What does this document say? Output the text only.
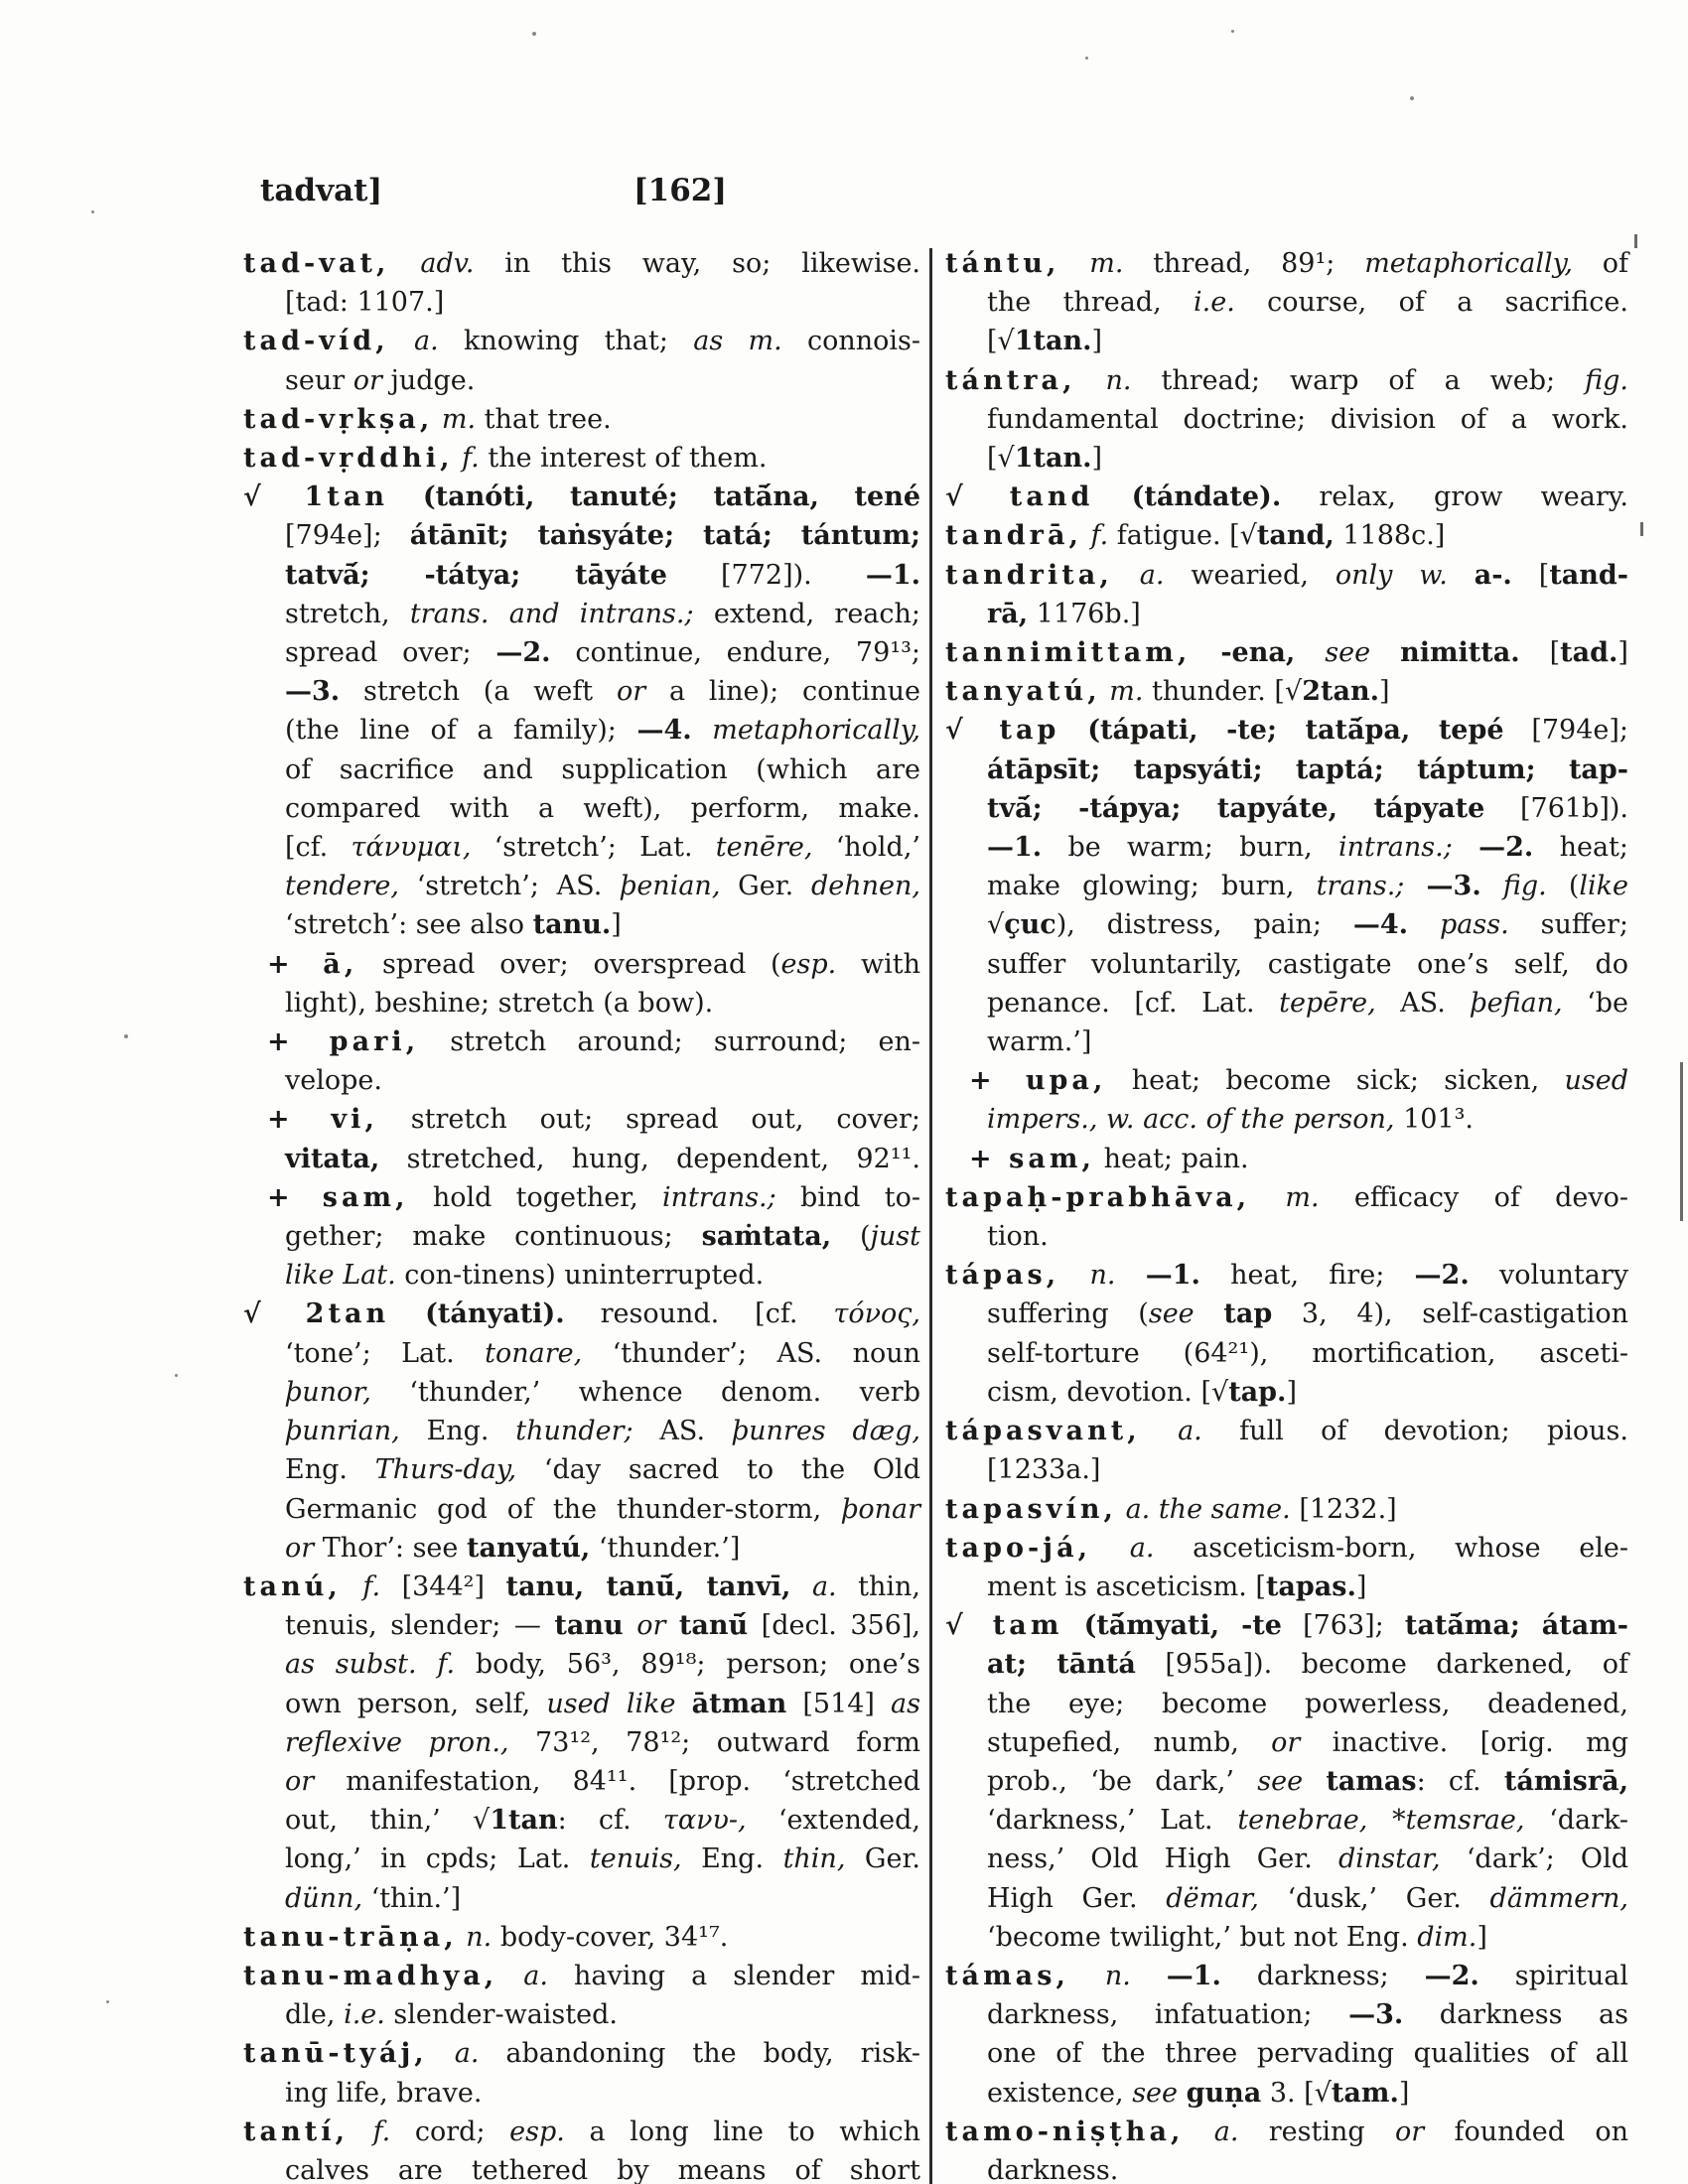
tadvat]	[162]
tad-vat, adv. in this way, so; likewise.
[tad: 1107.]
tad-víd, a. knowing that; as m. connois-
seur or judge.
tad-vṛkṣa, m. that tree.
tad-vṛddhi, f. the interest of them.
√ 1tan (tanóti, tanuté; tatā́na, tené
[794e]; átānīt; taṅsyáte; tatá; tántum;
tatvā́; -tátya; tāyáte [772]). —1.
stretch, trans. and intrans.; extend, reach;
spread over; —2. continue, endure, 79¹³;
—3. stretch (a weft or a line); continue
(the line of a family); —4. metaphorically,
of sacrifice and supplication (which are
compared with a weft), perform, make.
[cf. τάνυμαι, ‘stretch’; Lat. tenēre, ‘hold,’
tendere, ‘stretch’; AS. þenian, Ger. dehnen,
‘stretch’: see also tanu.]
+ ā, spread over; overspread (esp. with
light), beshine; stretch (a bow).
+ pari, stretch around; surround; en-
velope.
+ vi, stretch out; spread out, cover;
vitata, stretched, hung, dependent, 92¹¹.
+ sam, hold together, intrans.; bind to-
gether; make continuous; saṁtata, (just
like Lat. con-tinens) uninterrupted.
√ 2tan (tányati). resound. [cf. τόνος,
‘tone’; Lat. tonare, ‘thunder’; AS. noun
þunor, ‘thunder,’ whence denom. verb
þunrian, Eng. thunder; AS. þunres dæg,
Eng. Thurs-day, ‘day sacred to the Old
Germanic god of the thunder-storm, þonar
or Thor’: see tanyatú, ‘thunder.’]
tanú, f. [344²] tanu, tanū́, tanvī, a. thin,
tenuis, slender; — tanu or tanū́ [decl. 356],
as subst. f. body, 56³, 89¹⁸; person; one’s
own person, self, used like ātman [514] as
reflexive pron., 73¹², 78¹²; outward form
or manifestation, 84¹¹. [prop. ‘stretched
out, thin,’ √1tan: cf. τανυ-, ‘extended,
long,’ in cpds; Lat. tenuis, Eng. thin, Ger.
dünn, ‘thin.’]
tanu-trāṇa, n. body-cover, 34¹⁷.
tanu-madhya, a. having a slender mid-
dle, i.e. slender-waisted.
tanū-tyáj, a. abandoning the body, risk-
ing life, brave.
tantí, f. cord; esp. a long line to which
calves are tethered by means of short
tántu, m. thread, 89¹; metaphorically, of
the thread, i.e. course, of a sacrifice.
[√1tan.]
tántra, n. thread; warp of a web; fig.
fundamental doctrine; division of a work.
[√1tan.]
√ tand (tándate). relax, grow weary.
tandrā, f. fatigue. [√tand, 1188c.]
tandrita, a. wearied, only w. a-. [tand-
rā, 1176b.]
tannimittam, -ena, see nimitta. [tad.]
tanyatú, m. thunder. [√2tan.]
√ tap (tápati, -te; tatā́pa, tepé [794e];
átāpsīt; tapsyáti; taptá; táptum; tap-
tvā́; -tápya; tapyáte, tápyate [761b]).
—1. be warm; burn, intrans.; —2. heat;
make glowing; burn, trans.; —3. fig. (like
√çuc), distress, pain; —4. pass. suffer;
suffer voluntarily, castigate one’s self, do
penance. [cf. Lat. tepēre, AS. þefian, ‘be
warm.’]
+ upa, heat; become sick; sicken, used
impers., w. acc. of the person, 101³.
+ sam, heat; pain.
tapaḥ-prabhāva, m. efficacy of devo-
tion.
tápas, n. —1. heat, fire; —2. voluntary
suffering (see tap 3, 4), self-castigation
self-torture (64²¹), mortification, asceti-
cism, devotion. [√tap.]
tápasvant, a. full of devotion; pious.
[1233a.]
tapasvín, a. the same. [1232.]
tapo-já, a. asceticism-born, whose ele-
ment is asceticism. [tapas.]
√ tam (tā́myati, -te [763]; tatā́ma; átam-
at; tāntá [955a]). become darkened, of
the eye; become powerless, deadened,
stupefied, numb, or inactive. [orig. mg
prob., ‘be dark,’ see tamas: cf. támisrā,
‘darkness,’ Lat. tenebrae, *temsrae, ‘dark-
ness,’ Old High Ger. dinstar, ‘dark’; Old
High Ger. dëmar, ‘dusk,’ Ger. dämmern,
‘become twilight,’ but not Eng. dim.]
támas, n. —1. darkness; —2. spiritual
darkness, infatuation; —3. darkness as
one of the three pervading qualities of all
existence, see guṇa 3. [√tam.]
tamo-niṣṭha, a. resting or founded on
darkness.
